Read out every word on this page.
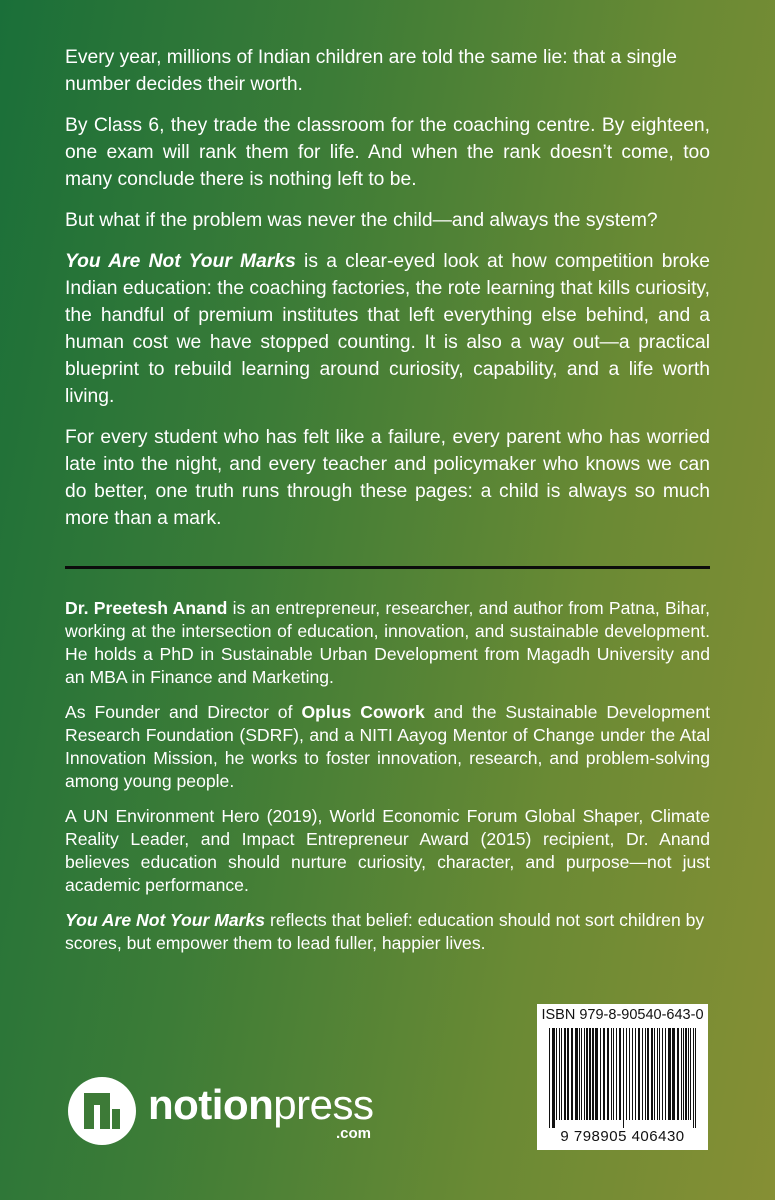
Every year, millions of Indian children are told the same lie: that a single number decides their worth.

By Class 6, they trade the classroom for the coaching centre. By eighteen, one exam will rank them for life. And when the rank doesn’t come, too many conclude there is nothing left to be.

But what if the problem was never the child—and always the system?

You Are Not Your Marks is a clear-eyed look at how competition broke Indian education: the coaching factories, the rote learning that kills curiosity, the handful of premium institutes that left everything else behind, and a human cost we have stopped counting. It is also a way out—a practical blueprint to rebuild learning around curiosity, capability, and a life worth living.

For every student who has felt like a failure, every parent who has worried late into the night, and every teacher and policymaker who knows we can do better, one truth runs through these pages: a child is always so much more than a mark.

Dr. Preetesh Anand is an entrepreneur, researcher, and author from Patna, Bihar, working at the intersection of education, innovation, and sustainable development. He holds a PhD in Sustainable Urban Development from Magadh University and an MBA in Finance and Marketing.

As Founder and Director of Oplus Cowork and the Sustainable Development Research Foundation (SDRF), and a NITI Aayog Mentor of Change under the Atal Innovation Mission, he works to foster innovation, research, and problem-solving among young people.

A UN Environment Hero (2019), World Economic Forum Global Shaper, Climate Reality Leader, and Impact Entrepreneur Award (2015) recipient, Dr. Anand believes education should nurture curiosity, character, and purpose—not just academic performance.

You Are Not Your Marks reflects that belief: education should not sort children by scores, but empower them to lead fuller, happier lives.

ISBN 979-8-90540-643-0
9 798905 406430
notionpress
.com
